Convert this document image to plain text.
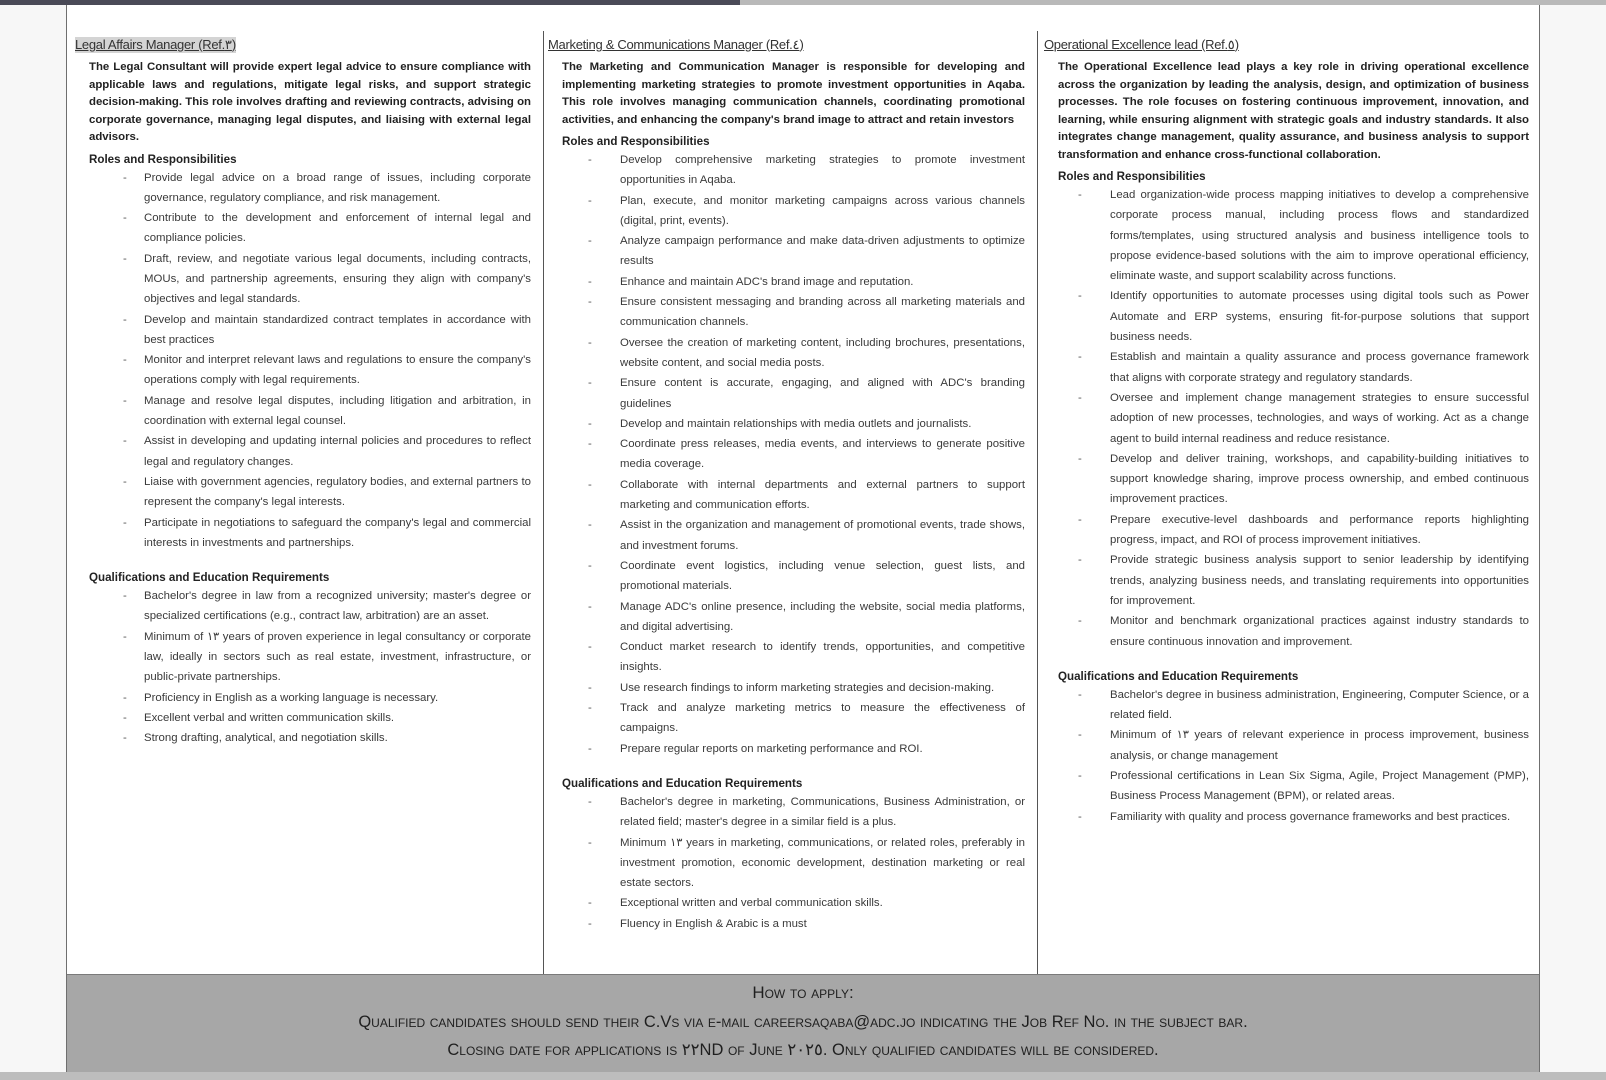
Legal Affairs Manager (Ref.٣)
The Legal Consultant will provide expert legal advice to ensure compliance with applicable laws and regulations, mitigate legal risks, and support strategic decision-making. This role involves drafting and reviewing contracts, advising on corporate governance, managing legal disputes, and liaising with external legal advisors.
Roles and Responsibilities
- Provide legal advice on a broad range of issues, including corporate governance, regulatory compliance, and risk management.
- Contribute to the development and enforcement of internal legal and compliance policies.
- Draft, review, and negotiate various legal documents, including contracts, MOUs, and partnership agreements, ensuring they align with company's objectives and legal standards.
- Develop and maintain standardized contract templates in accordance with best practices
- Monitor and interpret relevant laws and regulations to ensure the company's operations comply with legal requirements.
- Manage and resolve legal disputes, including litigation and arbitration, in coordination with external legal counsel.
- Assist in developing and updating internal policies and procedures to reflect legal and regulatory changes.
- Liaise with government agencies, regulatory bodies, and external partners to represent the company's legal interests.
- Participate in negotiations to safeguard the company's legal and commercial interests in investments and partnerships.
Qualifications and Education Requirements
- Bachelor's degree in law from a recognized university; master's degree or specialized certifications (e.g., contract law, arbitration) are an asset.
- Minimum of ١٣ years of proven experience in legal consultancy or corporate law, ideally in sectors such as real estate, investment, infrastructure, or public-private partnerships.
- Proficiency in English as a working language is necessary.
- Excellent verbal and written communication skills.
- Strong drafting, analytical, and negotiation skills.
Marketing & Communications Manager (Ref.٤)
The Marketing and Communication Manager is responsible for developing and implementing marketing strategies to promote investment opportunities in Aqaba. This role involves managing communication channels, coordinating promotional activities, and enhancing the company's brand image to attract and retain investors
Roles and Responsibilities
- Develop comprehensive marketing strategies to promote investment opportunities in Aqaba.
- Plan, execute, and monitor marketing campaigns across various channels (digital, print, events).
- Analyze campaign performance and make data-driven adjustments to optimize results
- Enhance and maintain ADC's brand image and reputation.
- Ensure consistent messaging and branding across all marketing materials and communication channels.
- Oversee the creation of marketing content, including brochures, presentations, website content, and social media posts.
- Ensure content is accurate, engaging, and aligned with ADC's branding guidelines
- Develop and maintain relationships with media outlets and journalists.
- Coordinate press releases, media events, and interviews to generate positive media coverage.
- Collaborate with internal departments and external partners to support marketing and communication efforts.
- Assist in the organization and management of promotional events, trade shows, and investment forums.
- Coordinate event logistics, including venue selection, guest lists, and promotional materials.
- Manage ADC's online presence, including the website, social media platforms, and digital advertising.
- Conduct market research to identify trends, opportunities, and competitive insights.
- Use research findings to inform marketing strategies and decision-making.
- Track and analyze marketing metrics to measure the effectiveness of campaigns.
- Prepare regular reports on marketing performance and ROI.
Qualifications and Education Requirements
- Bachelor's degree in marketing, Communications, Business Administration, or related field; master's degree in a similar field is a plus.
- Minimum ١٣ years in marketing, communications, or related roles, preferably in investment promotion, economic development, destination marketing or real estate sectors.
- Exceptional written and verbal communication skills.
- Fluency in English & Arabic is a must
Operational Excellence lead (Ref.٥)
The Operational Excellence lead plays a key role in driving operational excellence across the organization by leading the analysis, design, and optimization of business processes. The role focuses on fostering continuous improvement, innovation, and learning, while ensuring alignment with strategic goals and industry standards. It also integrates change management, quality assurance, and business analysis to support transformation and enhance cross-functional collaboration.
Roles and Responsibilities
- Lead organization-wide process mapping initiatives to develop a comprehensive corporate process manual, including process flows and standardized forms/templates, using structured analysis and business intelligence tools to propose evidence-based solutions with the aim to improve operational efficiency, eliminate waste, and support scalability across functions.
- Identify opportunities to automate processes using digital tools such as Power Automate and ERP systems, ensuring fit-for-purpose solutions that support business needs.
- Establish and maintain a quality assurance and process governance framework that aligns with corporate strategy and regulatory standards.
- Oversee and implement change management strategies to ensure successful adoption of new processes, technologies, and ways of working. Act as a change agent to build internal readiness and reduce resistance.
- Develop and deliver training, workshops, and capability-building initiatives to support knowledge sharing, improve process ownership, and embed continuous improvement practices.
- Prepare executive-level dashboards and performance reports highlighting progress, impact, and ROI of process improvement initiatives.
- Provide strategic business analysis support to senior leadership by identifying trends, analyzing business needs, and translating requirements into opportunities for improvement.
- Monitor and benchmark organizational practices against industry standards to ensure continuous innovation and improvement.
Qualifications and Education Requirements
- Bachelor's degree in business administration, Engineering, Computer Science, or a related field.
- Minimum of ١٣ years of relevant experience in process improvement, business analysis, or change management
- Professional certifications in Lean Six Sigma, Agile, Project Management (PMP), Business Process Management (BPM), or related areas.
- Familiarity with quality and process governance frameworks and best practices.
How to apply:
Qualified candidates should send their C.Vs via e-mail careersaqaba@adc.jo indicating the Job Ref No. in the subject bar.
Closing date for applications is ٢٢ND of June ٢٠٢٥. Only qualified candidates will be considered.
